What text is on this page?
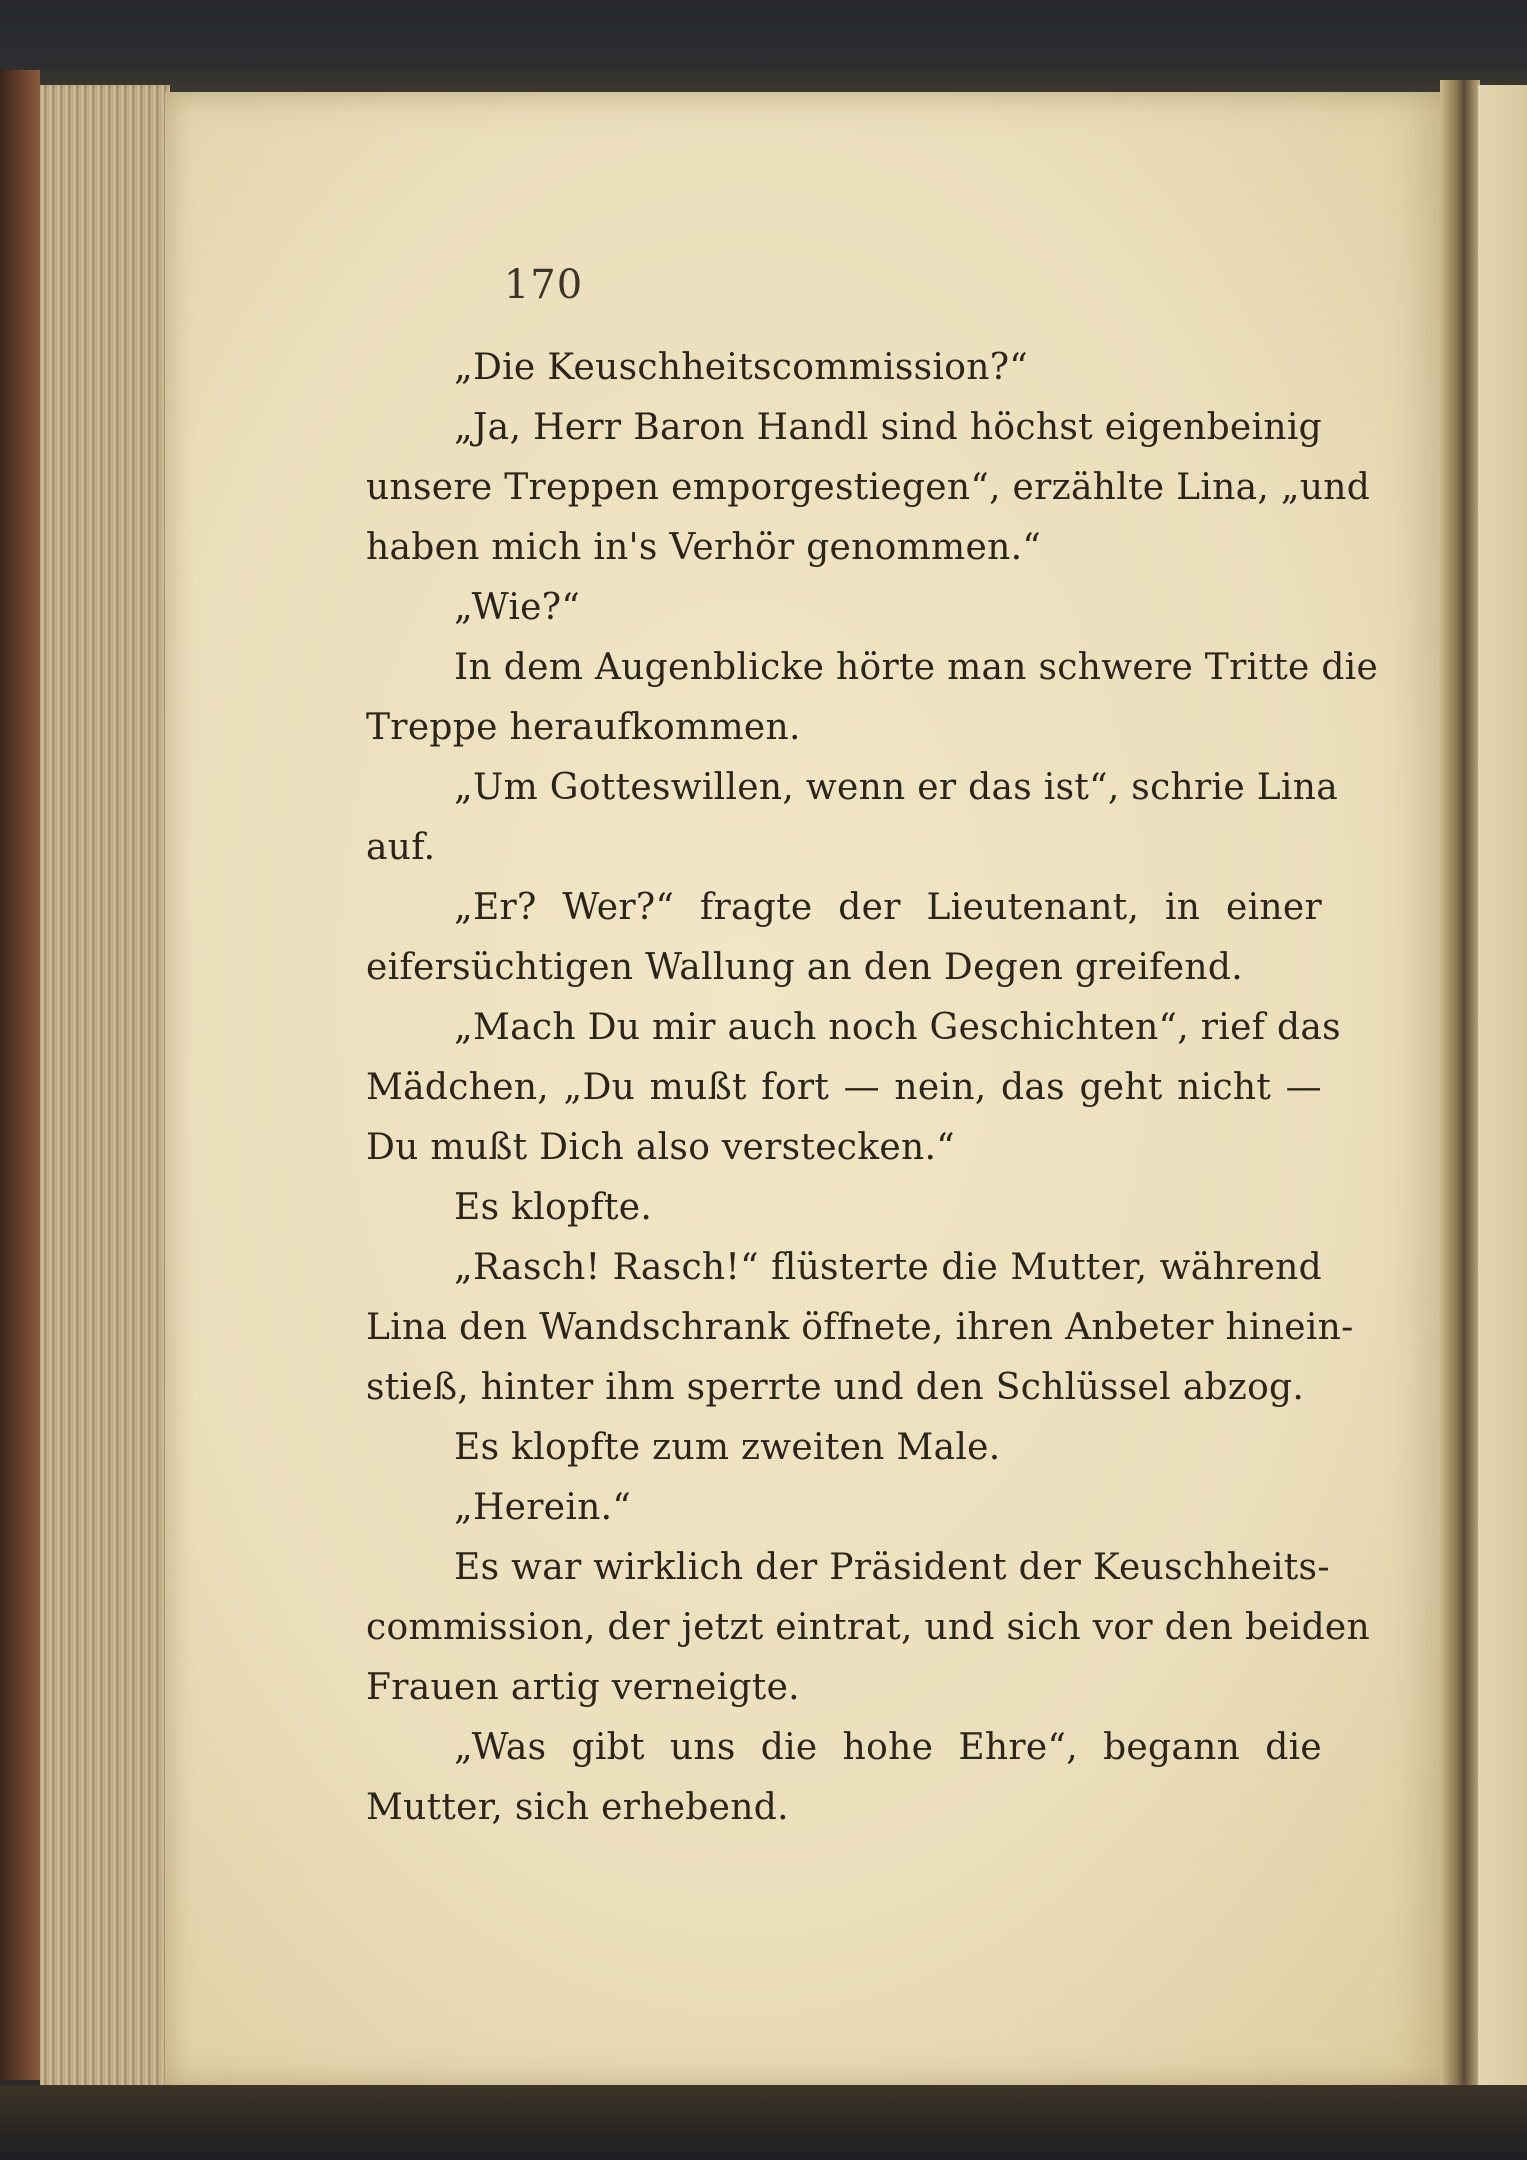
170
„Die Keuschheitscommission?“
„Ja, Herr Baron Handl sind höchst eigenbeinig
unsere Treppen emporgestiegen“, erzählte Lina, „und
haben mich in's Verhör genommen.“
„Wie?“
In dem Augenblicke hörte man schwere Tritte die
Treppe heraufkommen.
„Um Gotteswillen, wenn er das ist“, schrie Lina
auf.
„Er? Wer?“ fragte der Lieutenant, in einer
eifersüchtigen Wallung an den Degen greifend.
„Mach Du mir auch noch Geschichten“, rief das
Mädchen, „Du mußt fort — nein, das geht nicht —
Du mußt Dich also verstecken.“
Es klopfte.
„Rasch! Rasch!“ flüsterte die Mutter, während
Lina den Wandschrank öffnete, ihren Anbeter hinein-
stieß, hinter ihm sperrte und den Schlüssel abzog.
Es klopfte zum zweiten Male.
„Herein.“
Es war wirklich der Präsident der Keuschheits-
commission, der jetzt eintrat, und sich vor den beiden
Frauen artig verneigte.
„Was gibt uns die hohe Ehre“, begann die
Mutter, sich erhebend.
